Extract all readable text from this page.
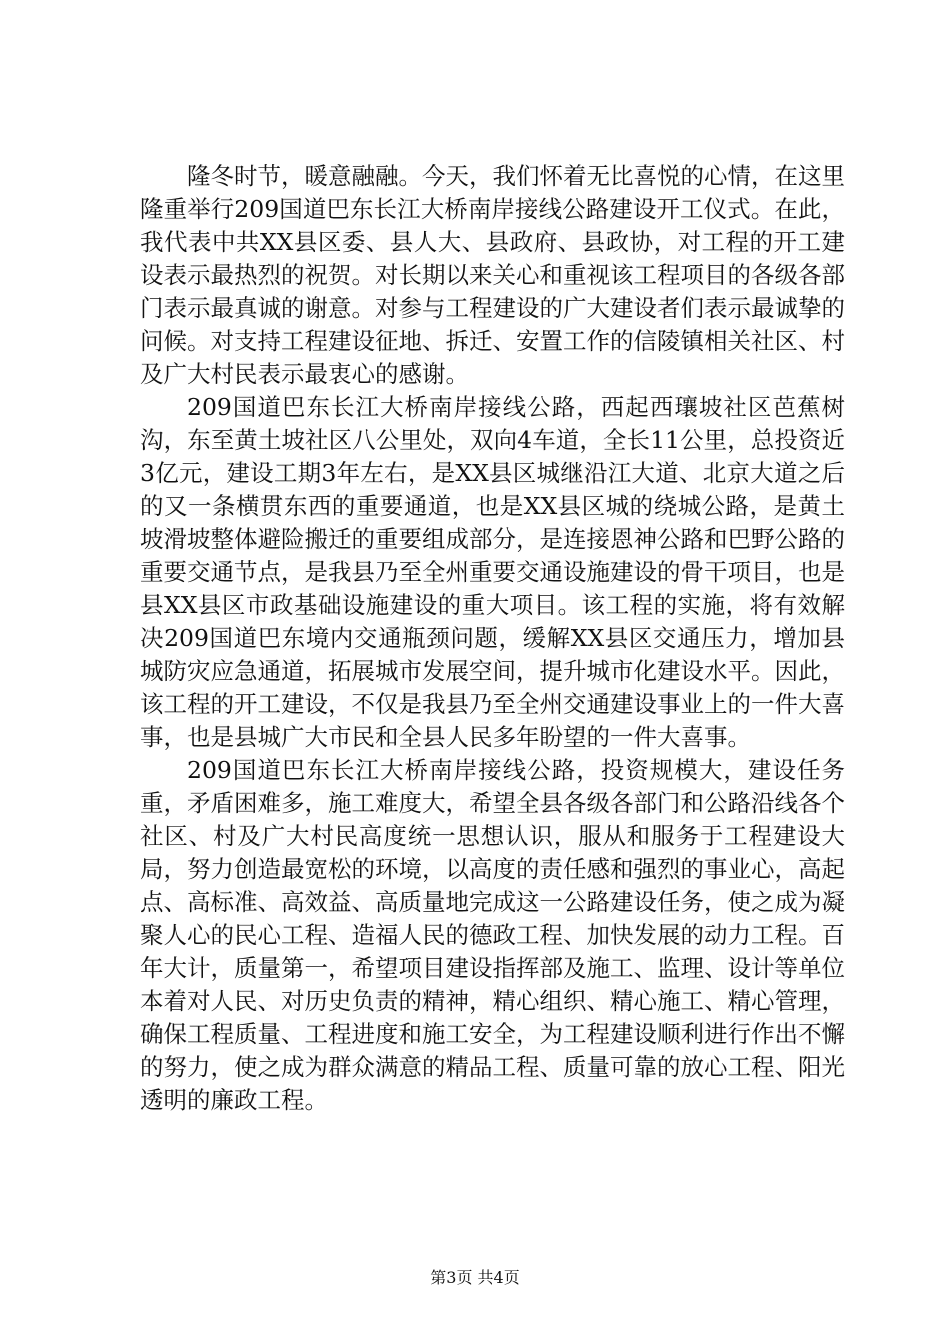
隆冬时节，暖意融融。今天，我们怀着无比喜悦的心情，在这里隆重举行209国道巴东长江大桥南岸接线公路建设开工仪式。在此，我代表中共XX县区委、县人大、县政府、县政协，对工程的开工建设表示最热烈的祝贺。对长期以来关心和重视该工程项目的各级各部门表示最真诚的谢意。对参与工程建设的广大建设者们表示最诚挚的问候。对支持工程建设征地、拆迁、安置工作的信陵镇相关社区、村及广大村民表示最衷心的感谢。

209国道巴东长江大桥南岸接线公路，西起西瓖坡社区芭蕉树沟，东至黄土坡社区八公里处，双向4车道，全长11公里，总投资近3亿元，建设工期3年左右，是XX县区城继沿江大道、北京大道之后的又一条横贯东西的重要通道，也是XX县区城的绕城公路，是黄土坡滑坡整体避险搬迁的重要组成部分，是连接恩神公路和巴野公路的重要交通节点，是我县乃至全州重要交通设施建设的骨干项目，也是县XX县区市政基础设施建设的重大项目。该工程的实施，将有效解决209国道巴东境内交通瓶颈问题，缓解XX县区交通压力，增加县城防灾应急通道，拓展城市发展空间，提升城市化建设水平。因此，该工程的开工建设，不仅是我县乃至全州交通建设事业上的一件大喜事，也是县城广大市民和全县人民多年盼望的一件大喜事。

209国道巴东长江大桥南岸接线公路，投资规模大，建设任务重，矛盾困难多，施工难度大，希望全县各级各部门和公路沿线各个社区、村及广大村民高度统一思想认识，服从和服务于工程建设大局，努力创造最宽松的环境，以高度的责任感和强烈的事业心，高起点、高标准、高效益、高质量地完成这一公路建设任务，使之成为凝聚人心的民心工程、造福人民的德政工程、加快发展的动力工程。百年大计，质量第一，希望项目建设指挥部及施工、监理、设计等单位本着对人民、对历史负责的精神，精心组织、精心施工、精心管理，确保工程质量、工程进度和施工安全，为工程建设顺利进行作出不懈的努力，使之成为群众满意的精品工程、质量可靠的放心工程、阳光透明的廉政工程。

第3页 共4页
